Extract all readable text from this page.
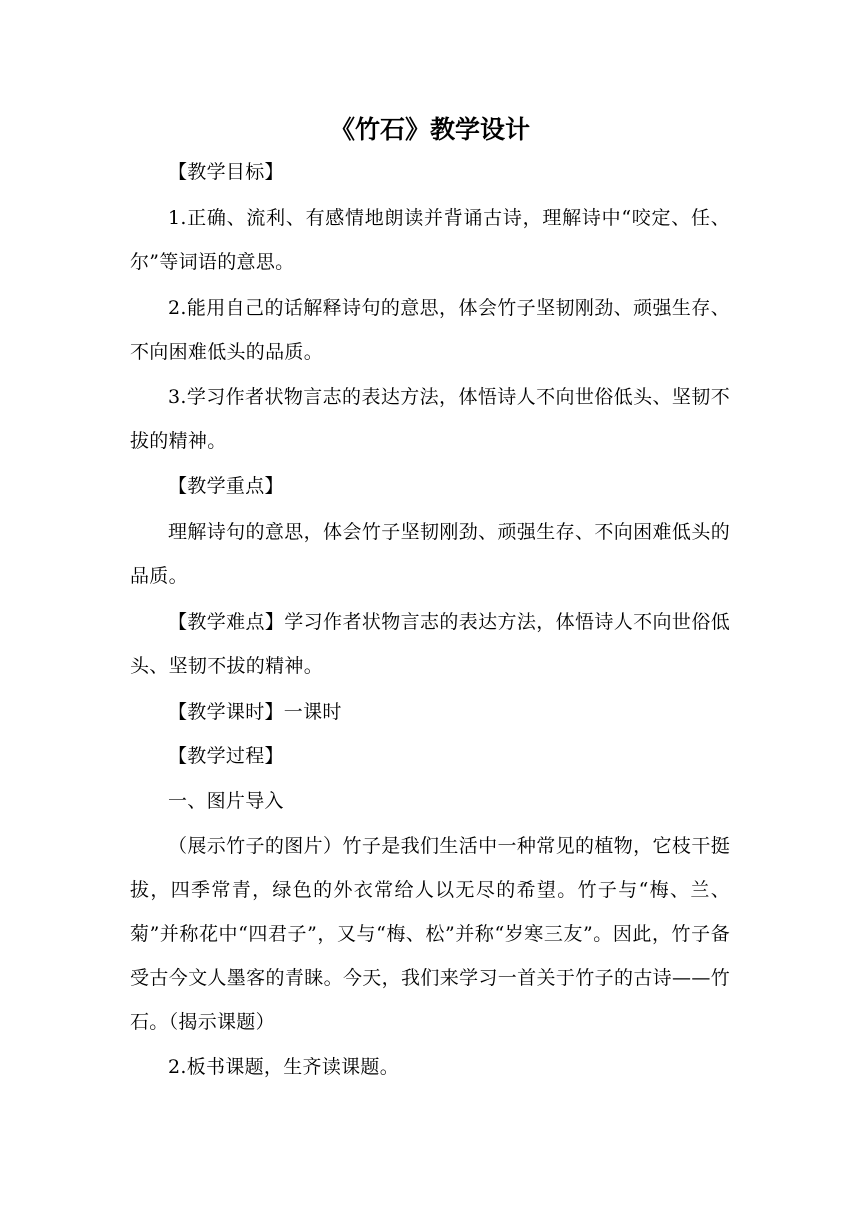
《竹石》教学设计

【教学目标】

1.正确、流利、有感情地朗读并背诵古诗，理解诗中“咬定、任、尔”等词语的意思。

2.能用自己的话解释诗句的意思，体会竹子坚韧刚劲、顽强生存、不向困难低头的品质。

3.学习作者状物言志的表达方法，体悟诗人不向世俗低头、坚韧不拔的精神。

【教学重点】

理解诗句的意思，体会竹子坚韧刚劲、顽强生存、不向困难低头的品质。

【教学难点】学习作者状物言志的表达方法，体悟诗人不向世俗低头、坚韧不拔的精神。

【教学课时】一课时

【教学过程】

一、图片导入

（展示竹子的图片）竹子是我们生活中一种常见的植物，它枝干挺拔，四季常青，绿色的外衣常给人以无尽的希望。竹子与“梅、兰、菊”并称花中“四君子”，又与“梅、松”并称“岁寒三友”。因此，竹子备受古今文人墨客的青睐。今天，我们来学习一首关于竹子的古诗——竹石。（揭示课题）

2.板书课题，生齐读课题。
